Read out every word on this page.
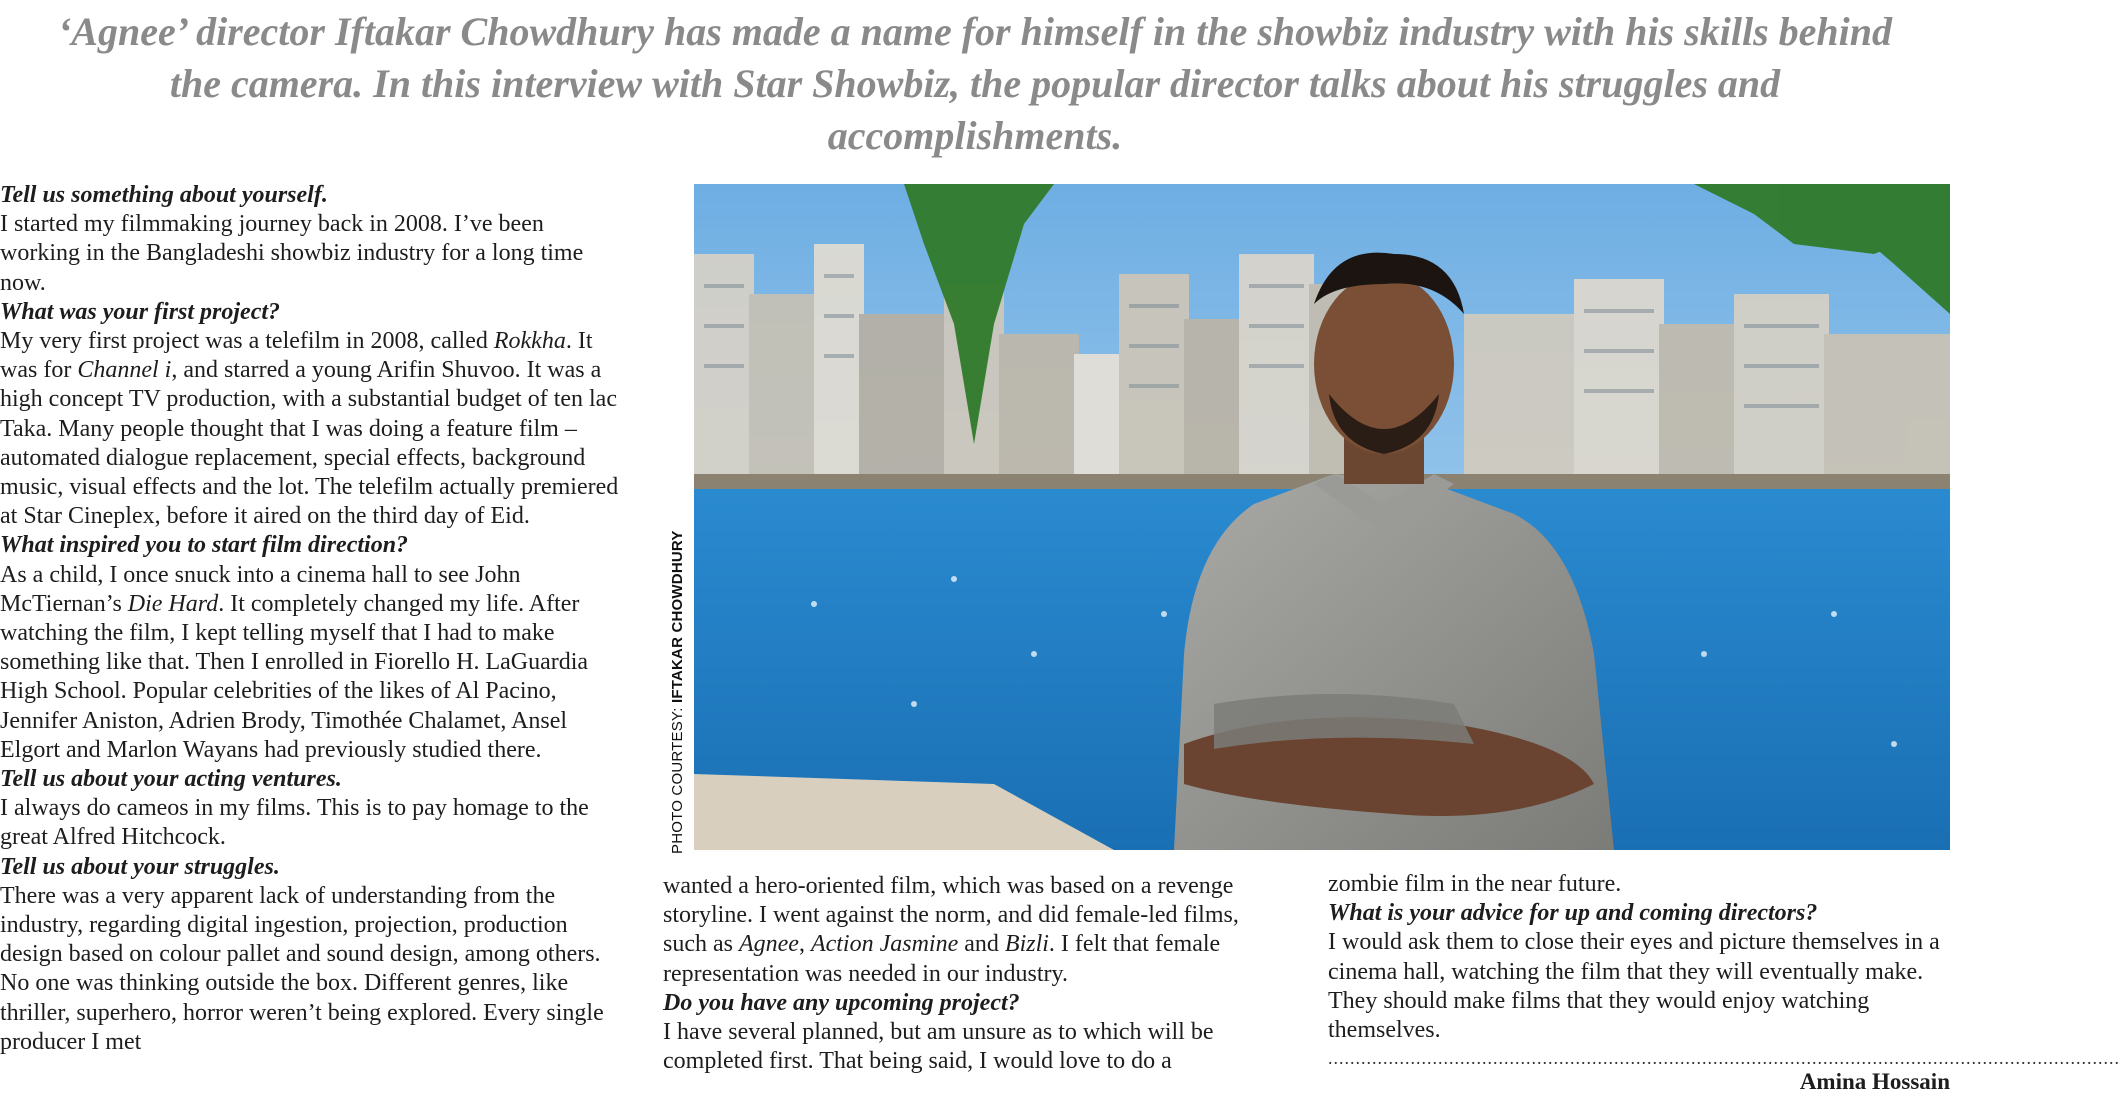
‘Agnee’ director Iftakar Chowdhury has made a name for himself in the showbiz industry with his skills behind the camera. In this interview with Star Showbiz, the popular director talks about his struggles and accomplishments.

Tell us something about yourself.

I started my filmmaking journey back in 2008. I’ve been working in the Bangladeshi showbiz industry for a long time now.

What was your first project?

My very first project was a telefilm in 2008, called Rokkha. It was for Channel i, and starred a young Arifin Shuvoo. It was a high concept TV production, with a substantial budget of ten lac Taka. Many people thought that I was doing a feature film – automated dialogue replacement, special effects, background music, visual effects and the lot. The telefilm actually premiered at Star Cineplex, before it aired on the third day of Eid.

What inspired you to start film direction?

As a child, I once snuck into a cinema hall to see John McTiernan’s Die Hard. It completely changed my life. After watching the film, I kept telling myself that I had to make something like that. Then I enrolled in Fiorello H. LaGuardia High School. Popular celebrities of the likes of Al Pacino, Jennifer Aniston, Adrien Brody, Timothée Chalamet, Ansel Elgort and Marlon Wayans had previously studied there.

Tell us about your acting ventures.

I always do cameos in my films. This is to pay homage to the great Alfred Hitchcock.

Tell us about your struggles.

There was a very apparent lack of understanding from the industry, regarding digital ingestion, projection, production design based on colour pallet and sound design, among others. No one was thinking outside the box. Different genres, like thriller, superhero, horror weren’t being explored. Every single producer I met

PHOTO COURTESY: IFTAKAR CHOWDHURY

wanted a hero-oriented film, which was based on a revenge storyline. I went against the norm, and did female-led films, such as Agnee, Action Jasmine and Bizli. I felt that female representation was needed in our industry.

Do you have any upcoming project?

I have several planned, but am unsure as to which will be completed first. That being said, I would love to do a

zombie film in the near future.

What is your advice for up and coming directors?

I would ask them to close their eyes and picture themselves in a cinema hall, watching the film that they will eventually make. They should make films that they would enjoy watching themselves.

................................................................................................................................................
Amina Hossain
